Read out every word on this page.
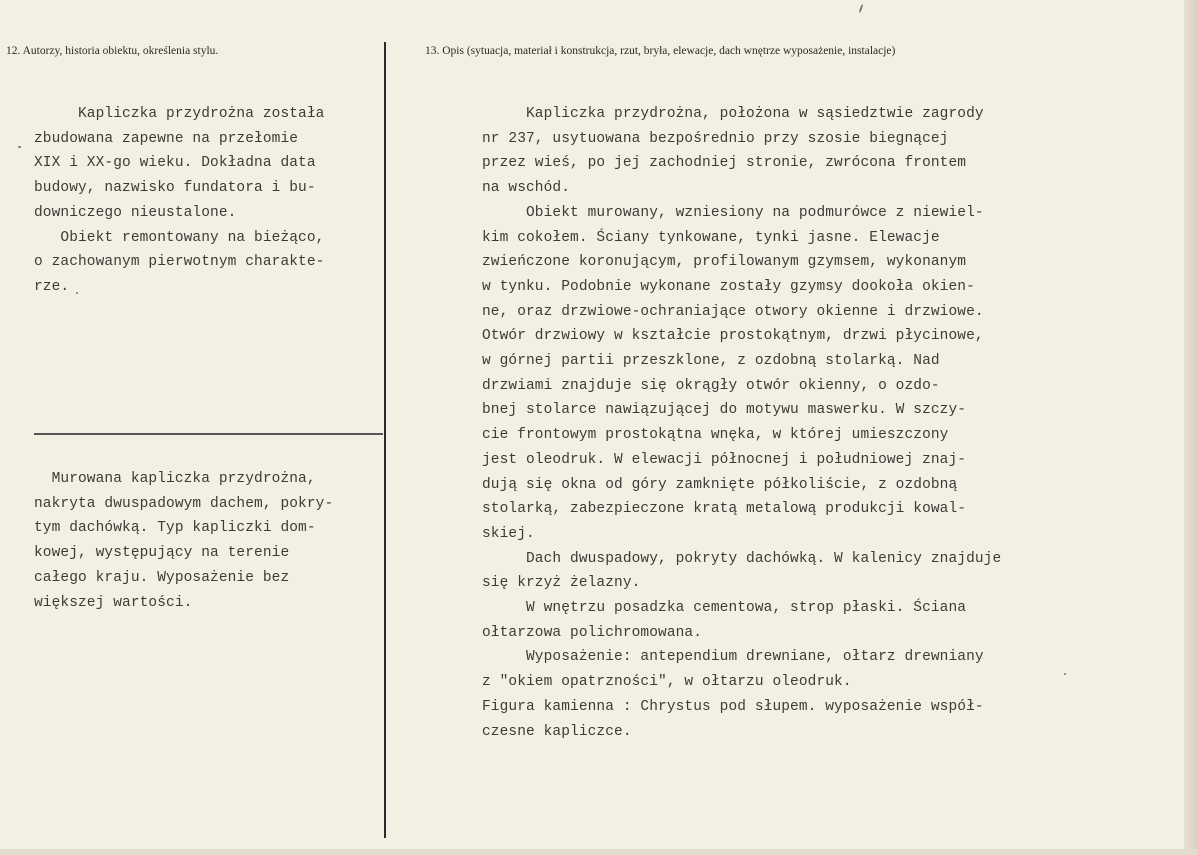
12. Autorzy, historia obiektu, określenia stylu.	13. Opis (sytuacja, materiał i konstrukcja, rzut, bryła, elewacje, dach wnętrze wyposażenie, instalacje)
Kapliczka przydrożna została
zbudowana zapewne na przełomie
XIX i XX-go wieku. Dokładna data
budowy, nazwisko fundatora i bu-
downiczego nieustalone.
Obiekt remontowany na bieżąco,
o zachowanym pierwotnym charakte-
rze.
Murowana kapliczka przydrożna,
nakryta dwuspadowym dachem, pokry-
tym dachówką. Typ kapliczki dom-
kowej, występujący na terenie
całego kraju. Wyposażenie bez
większej wartości.
Kapliczka przydrożna, położona w sąsiedztwie zagrody
nr 237, usytuowana bezpośrednio przy szosie biegnącej
przez wieś, po jej zachodniej stronie, zwrócona frontem
na wschód.
Obiekt murowany, wzniesiony na podmurówce z niewiel-
kim cokołem. Ściany tynkowane, tynki jasne. Elewacje
zwieńczone koronującym, profilowanym gzymsem, wykonanym
w tynku. Podobnie wykonane zostały gzymsy dookoła okien-
ne, oraz drzwiowe-ochraniające otwory okienne i drzwiowe.
Otwór drzwiowy w kształcie prostokątnym, drzwi płycinowe,
w górnej partii przeszklone, z ozdobną stolarką. Nad
drzwiami znajduje się okrągły otwór okienny, o ozdo-
bnej stolarce nawiązującej do motywu maswerku. W szczy-
cie frontowym prostokątna wnęka, w której umieszczony
jest oleodruk. W elewacji północnej i południowej znaj-
dują się okna od góry zamknięte półkoliście, z ozdobną
stolarką, zabezpieczone kratą metalową produkcji kowal-
skiej.
Dach dwuspadowy, pokryty dachówką. W kalenicy znajduje
się krzyż żelazny.
W wnętrzu posadzka cementowa, strop płaski. Ściana
ołtarzowa polichromowana.
Wyposażenie: antependium drewniane, ołtarz drewniany
z "okiem opatrzności", w ołtarzu oleodruk.
Figura kamienna : Chrystus pod słupem. wyposażenie współ-
czesne kapliczce.
